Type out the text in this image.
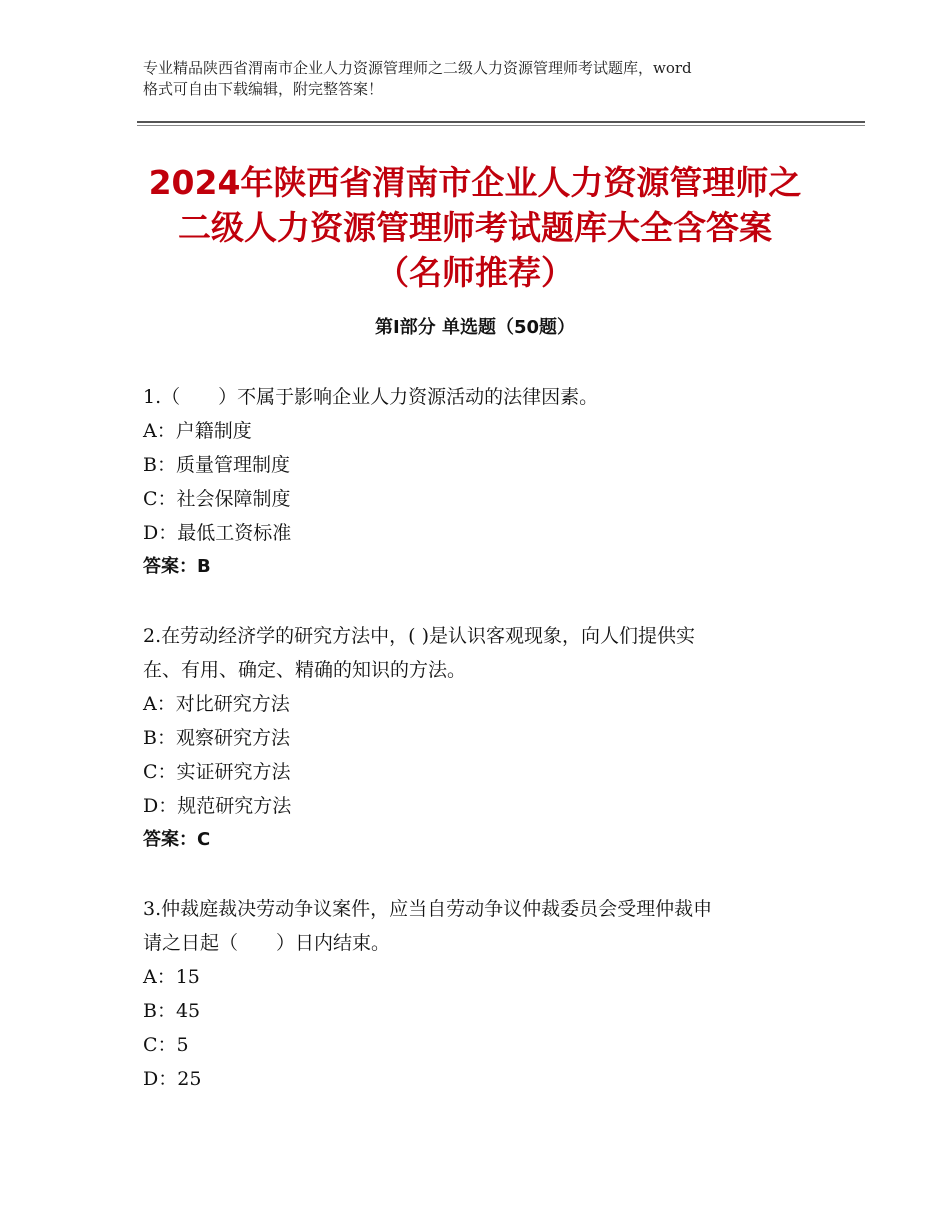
专业精品陕西省渭南市企业人力资源管理师之二级人力资源管理师考试题库，word
格式可自由下载编辑，附完整答案！
2024年陕西省渭南市企业人力资源管理师之
二级人力资源管理师考试题库大全含答案
（名师推荐）
第Ⅰ部分 单选题（50题）
1.（　　）不属于影响企业人力资源活动的法律因素。
A：户籍制度
B：质量管理制度
C：社会保障制度
D：最低工资标准
答案：B
2.在劳动经济学的研究方法中，( )是认识客观现象，向人们提供实
在、有用、确定、精确的知识的方法。
A：对比研究方法
B：观察研究方法
C：实证研究方法
D：规范研究方法
答案：C
3.仲裁庭裁决劳动争议案件，应当自劳动争议仲裁委员会受理仲裁申
请之日起（　　）日内结束。
A：15
B：45
C：5
D：25
